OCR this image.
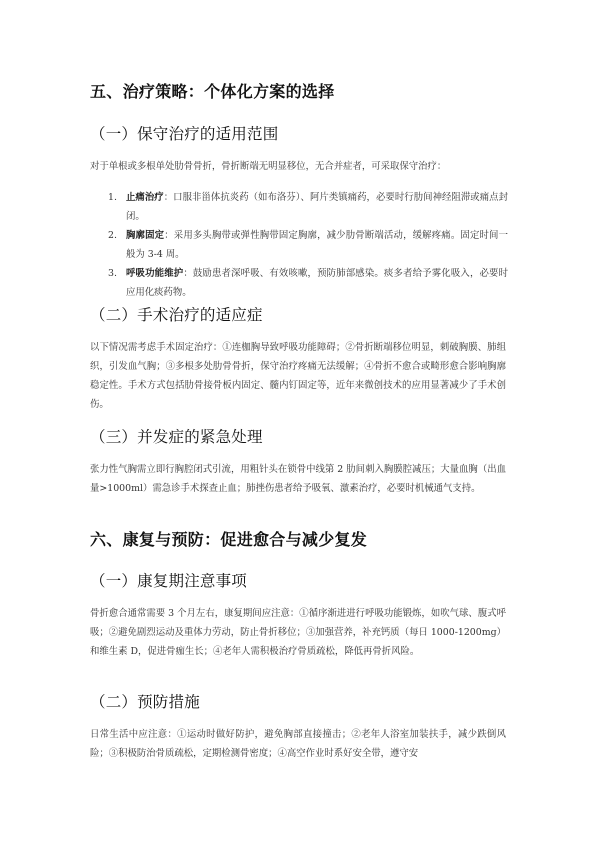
五、治疗策略：个体化方案的选择
（一）保守治疗的适用范围
对于单根或多根单处肋骨骨折，骨折断端无明显移位，无合并症者，可采取保守治疗：
1. 止痛治疗：口服非甾体抗炎药（如布洛芬）、阿片类镇痛药，必要时行肋间神经阻滞或痛点封闭。
2. 胸廓固定：采用多头胸带或弹性胸带固定胸廓，减少肋骨断端活动，缓解疼痛。固定时间一般为 3-4 周。
3. 呼吸功能维护：鼓励患者深呼吸、有效咳嗽，预防肺部感染。痰多者给予雾化吸入，必要时应用化痰药物。
（二）手术治疗的适应症
以下情况需考虑手术固定治疗：①连枷胸导致呼吸功能障碍；②骨折断端移位明显，刺破胸膜、肺组织，引发血气胸；③多根多处肋骨骨折，保守治疗疼痛无法缓解；④骨折不愈合或畸形愈合影响胸廓稳定性。手术方式包括肋骨接骨板内固定、髓内钉固定等，近年来微创技术的应用显著减少了手术创伤。
（三）并发症的紧急处理
张力性气胸需立即行胸腔闭式引流，用粗针头在锁骨中线第 2 肋间刺入胸膜腔减压；大量血胸（出血量>1000ml）需急诊手术探查止血；肺挫伤患者给予吸氧、激素治疗，必要时机械通气支持。
六、康复与预防：促进愈合与减少复发
（一）康复期注意事项
骨折愈合通常需要 3 个月左右，康复期间应注意：①循序渐进进行呼吸功能锻炼，如吹气球、腹式呼吸；②避免剧烈运动及重体力劳动，防止骨折移位；③加强营养，补充钙质（每日 1000-1200mg）和维生素 D，促进骨痂生长；④老年人需积极治疗骨质疏松，降低再骨折风险。
（二）预防措施
日常生活中应注意：①运动时做好防护，避免胸部直接撞击；②老年人浴室加装扶手，减少跌倒风险；③积极防治骨质疏松，定期检测骨密度；④高空作业时系好安全带，遵守安
